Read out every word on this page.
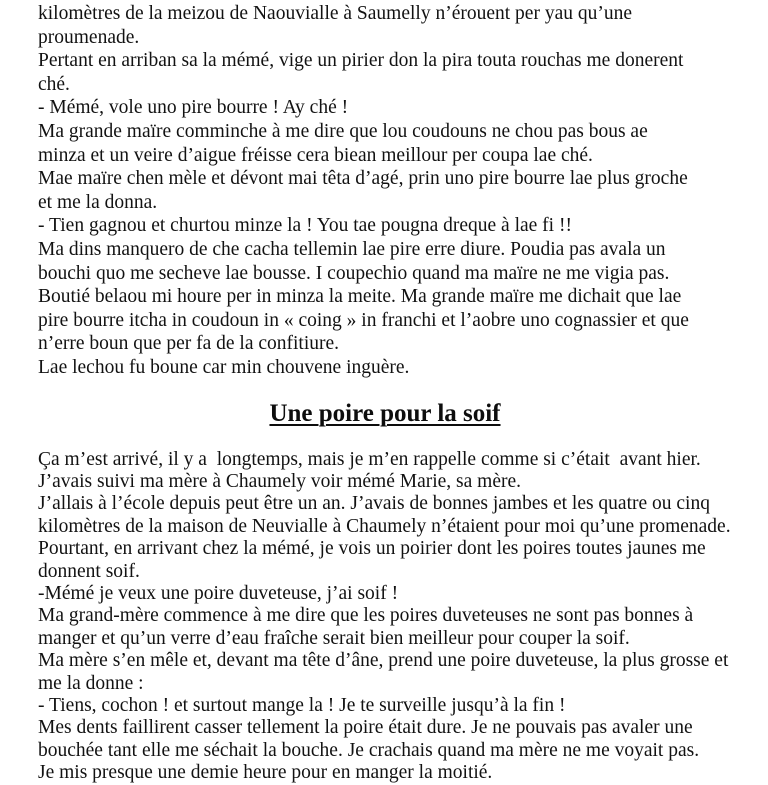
kilomètres de la meizou de Naouvialle à Saumelly n’érouent per yau qu’une
proumenade.
Pertant en arriban sa la mémé, vige un pirier don la pira touta rouchas me donerent
ché.
- Mémé, vole uno pire bourre ! Ay ché !
Ma grande maïre comminche à me dire que lou coudouns ne chou pas bous ae
minza et un veire d’aigue fréisse cera biean meillour per coupa lae ché.
Mae maïre chen mèle et dévont mai têta d’agé, prin uno pire bourre lae plus groche
et me la donna.
- Tien gagnou et churtou minze la ! You tae pougna dreque à lae fi !!
Ma dins manquero de che cacha tellemin lae pire erre diure. Poudia pas avala un
bouchi quo me secheve lae bousse. I coupechio quand ma maïre ne me vigia pas.
Boutié belaou mi houre per in minza la meite. Ma grande maïre me dichait que lae
pire bourre itcha in coudoun in « coing » in franchi et l’aobre uno cognassier et que
n’erre boun que per fa de la confitiure.
Lae lechou fu boune car min chouvene inguère.
Une poire pour la soif
Ça m’est arrivé, il y a  longtemps, mais je m’en rappelle comme si c’était  avant hier.
J’avais suivi ma mère à Chaumely voir mémé Marie, sa mère.
J’allais à l’école depuis peut être un an. J’avais de bonnes jambes et les quatre ou cinq
kilomètres de la maison de Neuvialle à Chaumely n’étaient pour moi qu’une promenade.
Pourtant, en arrivant chez la mémé, je vois un poirier dont les poires toutes jaunes me
donnent soif.
-Mémé je veux une poire duveteuse, j’ai soif !
Ma grand-mère commence à me dire que les poires duveteuses ne sont pas bonnes à
manger et qu’un verre d’eau fraîche serait bien meilleur pour couper la soif.
Ma mère s’en mêle et, devant ma tête d’âne, prend une poire duveteuse, la plus grosse et
me la donne :
- Tiens, cochon ! et surtout mange la ! Je te surveille jusqu’à la fin !
Mes dents faillirent casser tellement la poire était dure. Je ne pouvais pas avaler une
bouchée tant elle me séchait la bouche. Je crachais quand ma mère ne me voyait pas.
Je mis presque une demie heure pour en manger la moitié.
